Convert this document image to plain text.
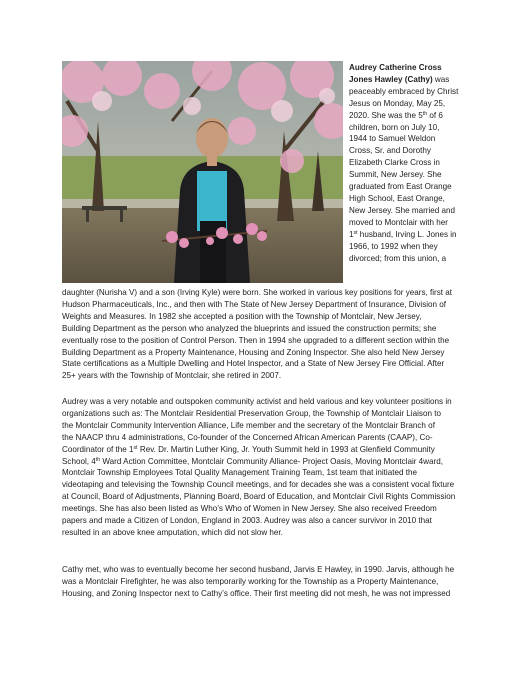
Audrey Catherine Cross
Jones Hawley (Cathy) was
peaceably embraced by Christ
Jesus on Monday, May 25,
2020. She was the 5th of 6
children, born on July 10,
1944 to Samuel Weldon
Cross, Sr. and Dorothy
Elizabeth Clarke Cross in
Summit, New Jersey. She
graduated from East Orange
High School, East Orange,
New Jersey. She married and
moved to Montclair with her
1st husband, Irving L. Jones in
1966, to 1992 when they
divorced; from this union, a
daughter (Nurisha V) and a son (Irving Kyle) were born. She worked in various key positions for years, first at
Hudson Pharmaceuticals, Inc., and then with The State of New Jersey Department of Insurance, Division of
Weights and Measures. In 1982 she accepted a position with the Township of Montclair, New Jersey,
Building Department as the person who analyzed the blueprints and issued the construction permits; she
eventually rose to the position of Control Person. Then in 1994 she upgraded to a different section within the
Building Department as a Property Maintenance, Housing and Zoning Inspector. She also held New Jersey
State certifications as a Multiple Dwelling and Hotel Inspector, and a State of New Jersey Fire Official. After
25+ years with the Township of Montclair, she retired in 2007.
Audrey was a very notable and outspoken community activist and held various and key volunteer positions in
organizations such as: The Montclair Residential Preservation Group, the Township of Montclair Liaison to
the Montclair Community Intervention Alliance, Life member and the secretary of the Montclair Branch of
the NAACP thru 4 administrations, Co-founder of the Concerned African American Parents (CAAP), Co-
Coordinator of the 1st Rev. Dr. Martin Luther King, Jr. Youth Summit held in 1993 at Glenfield Community
School, 4th Ward Action Committee, Montclair Community Alliance- Project Oasis, Moving Montclair 4ward,
Montclair Township Employees Total Quality Management Training Team, 1st team that initiated the
videotaping and televising the Township Council meetings, and for decades she was a consistent vocal fixture
at Council, Board of Adjustments, Planning Board, Board of Education, and Montclair Civil Rights Commission
meetings. She has also been listed as Who’s Who of Women in New Jersey. She also received Freedom
papers and made a Citizen of London, England in 2003. Audrey was also a cancer survivor in 2010 that
resulted in an above knee amputation, which did not slow her.
Cathy met, who was to eventually become her second husband, Jarvis E Hawley, in 1990. Jarvis, although he
was a Montclair Firefighter, he was also temporarily working for the Township as a Property Maintenance,
Housing, and Zoning Inspector next to Cathy’s office. Their first meeting did not mesh, he was not impressed
